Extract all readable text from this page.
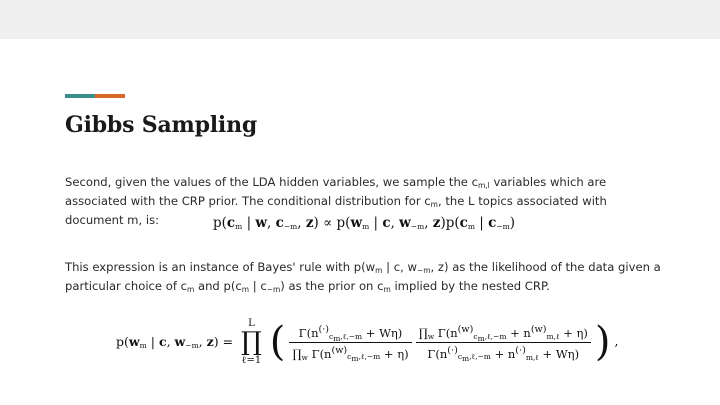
Gibbs Sampling
Second, given the values of the LDA hidden variables, we sample the $c_{m,l}$ variables which are associated with the CRP prior. The conditional distribution for $c_m$, the L topics associated with document m, is:	$p(c_m$ | w, $c_{-m}$, $z) \propto p(w_m$ | c, $w_{-m}$, $z)p(c_m$ | $c_{-m}$)
This expression is an instance of Bayes' rule with $p(w_m$ | c, $w_{-m}$, z) as the likelihood of the data given a particular choice of $c_m$ and $p(c_m$ | $c_{-m}$) as the prior on $c_m$ implied by the nested CRP.
$p(w_m$ | c, $w_{-m}$, z) = L
∏
ℓ=1 ( $\frac{\Gamma(n^{(\cdot)}_{c_m,\ell,-m} + W\eta)}{\prod_w \Gamma(n^{(w)}_{c_m,\ell,-m} + \eta)}$
$\frac{\prod_w \Gamma(n^{(w)}_{c_m,\ell,-m} + n^{(w)}_{m,\ell} + \eta)}{\Gamma(n^{(\cdot)}_{c_m,\ell,-m} + n^{(\cdot)}_{m,\ell} + W\eta)}$ ) ,
